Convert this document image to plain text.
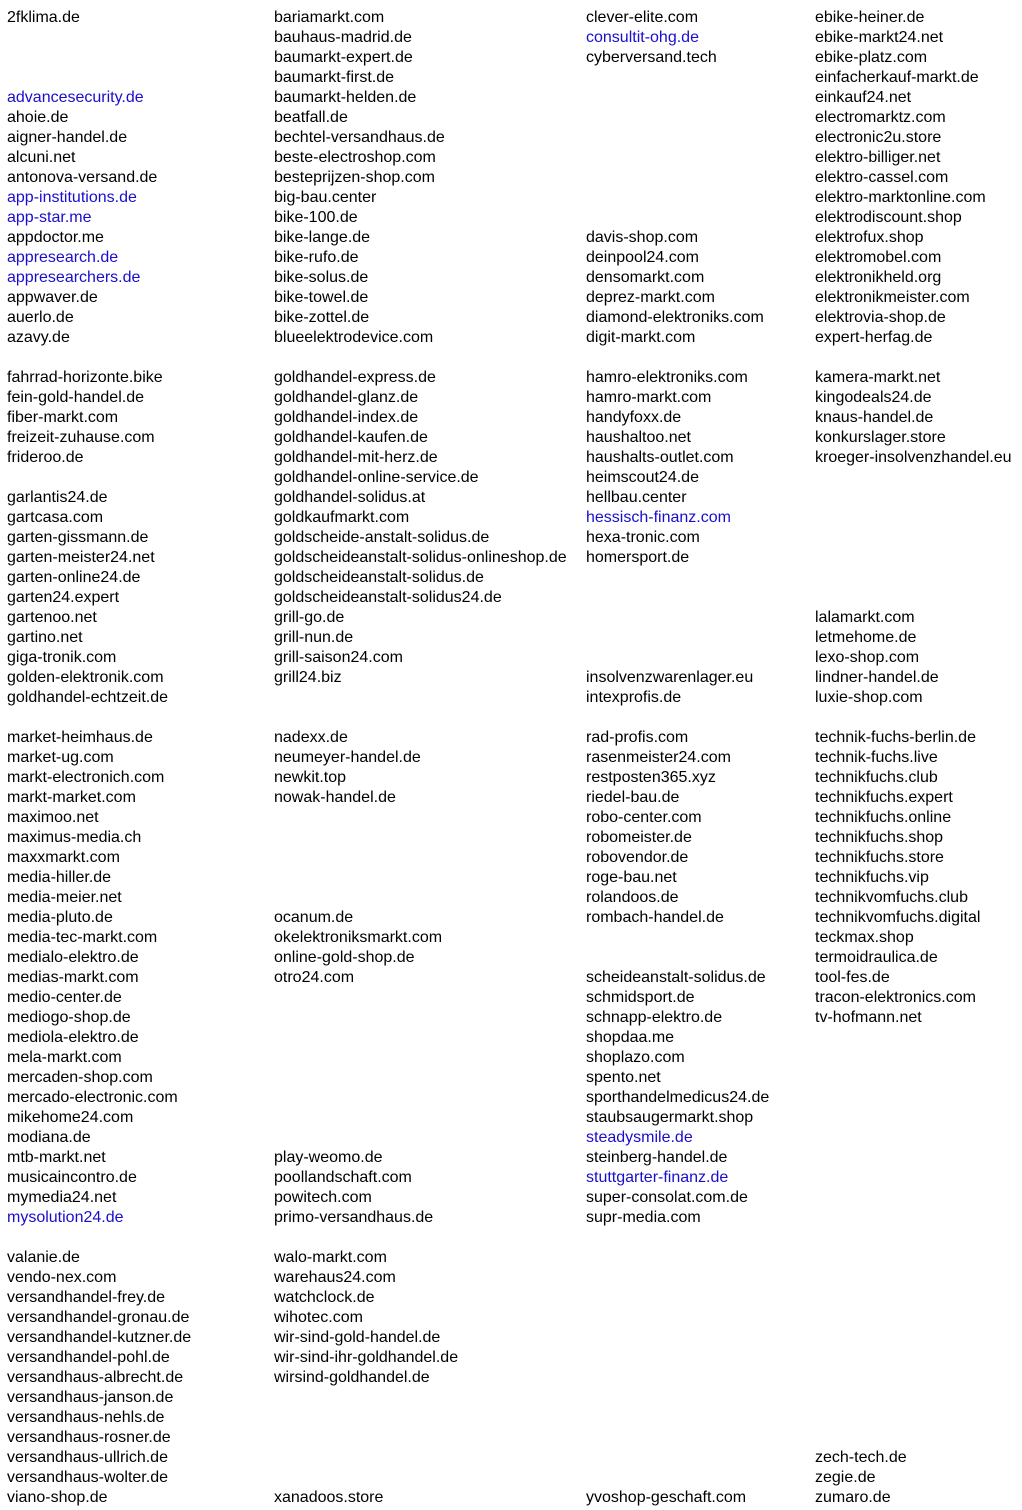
2fklima.de
advancesecurity.de
ahoie.de
aigner-handel.de
alcuni.net
antonova-versand.de
app-institutions.de
app-star.me
appdoctor.me
appresearch.de
appresearchers.de
appwaver.de
auerlo.de
azavy.de
bariamarkt.com
bauhaus-madrid.de
baumarkt-expert.de
baumarkt-first.de
baumarkt-helden.de
beatfall.de
bechtel-versandhaus.de
beste-electroshop.com
besteprijzen-shop.com
big-bau.center
bike-100.de
bike-lange.de
bike-rufo.de
bike-solus.de
bike-towel.de
bike-zottel.de
blueelektrodevice.com
clever-elite.com
consultit-ohg.de
cyberversand.tech
davis-shop.com
deinpool24.com
densomarkt.com
deprez-markt.com
diamond-elektroniks.com
digit-markt.com
ebike-heiner.de
ebike-markt24.net
ebike-platz.com
einfacherkauf-markt.de
einkauf24.net
electromarktz.com
electronic2u.store
elektro-billiger.net
elektro-cassel.com
elektro-marktonline.com
elektrodiscount.shop
elektrofux.shop
elektromobel.com
elektronikheld.org
elektronikmeister.com
elektrovia-shop.de
expert-herfag.de
fahrrad-horizonte.bike
fein-gold-handel.de
fiber-markt.com
freizeit-zuhause.com
frideroo.de
garlantis24.de
gartcasa.com
garten-gissmann.de
garten-meister24.net
garten-online24.de
garten24.expert
gartenoo.net
gartino.net
giga-tronik.com
golden-elektronik.com
goldhandel-echtzeit.de
goldhandel-express.de
goldhandel-glanz.de
goldhandel-index.de
goldhandel-kaufen.de
goldhandel-mit-herz.de
goldhandel-online-service.de
goldhandel-solidus.at
goldkaufmarkt.com
goldscheide-anstalt-solidus.de
goldscheideanstalt-solidus-onlineshop.de
goldscheideanstalt-solidus.de
goldscheideanstalt-solidus24.de
grill-go.de
grill-nun.de
grill-saison24.com
grill24.biz
hamro-elektroniks.com
hamro-markt.com
handyfoxx.de
haushaltoo.net
haushalts-outlet.com
heimscout24.de
hellbau.center
hessisch-finanz.com
hexa-tronic.com
homersport.de
insolvenzwarenlager.eu
intexprofis.de
kamera-markt.net
kingodeals24.de
knaus-handel.de
konkurslager.store
kroeger-insolvenzhandel.eu
lalamarkt.com
letmehome.de
lexo-shop.com
lindner-handel.de
luxie-shop.com
market-heimhaus.de
market-ug.com
markt-electronich.com
markt-market.com
maximoo.net
maximus-media.ch
maxxmarkt.com
media-hiller.de
media-meier.net
media-pluto.de
media-tec-markt.com
medialo-elektro.de
medias-markt.com
medio-center.de
mediogo-shop.de
mediola-elektro.de
mela-markt.com
mercaden-shop.com
mercado-electronic.com
mikehome24.com
modiana.de
mtb-markt.net
musicaincontro.de
mymedia24.net
mysolution24.de
nadexx.de
neumeyer-handel.de
newkit.top
nowak-handel.de
ocanum.de
okelektroniksmarkt.com
online-gold-shop.de
otro24.com
play-weomo.de
poollandschaft.com
powitech.com
primo-versandhaus.de
rad-profis.com
rasenmeister24.com
restposten365.xyz
riedel-bau.de
robo-center.com
robomeister.de
robovendor.de
roge-bau.net
rolandoos.de
rombach-handel.de
scheideanstalt-solidus.de
schmidsport.de
schnapp-elektro.de
shopdaa.me
shoplazo.com
spento.net
sporthandelmedicus24.de
staubsaugermarkt.shop
steadysmile.de
steinberg-handel.de
stuttgarter-finanz.de
super-consolat.com.de
supr-media.com
technik-fuchs-berlin.de
technik-fuchs.live
technikfuchs.club
technikfuchs.expert
technikfuchs.online
technikfuchs.shop
technikfuchs.store
technikfuchs.vip
technikvomfuchs.club
technikvomfuchs.digital
teckmax.shop
termoidraulica.de
tool-fes.de
tracon-elektronics.com
tv-hofmann.net
valanie.de
vendo-nex.com
versandhandel-frey.de
versandhandel-gronau.de
versandhandel-kutzner.de
versandhandel-pohl.de
versandhaus-albrecht.de
versandhaus-janson.de
versandhaus-nehls.de
versandhaus-rosner.de
versandhaus-ullrich.de
versandhaus-wolter.de
viano-shop.de
walo-markt.com
warehaus24.com
watchclock.de
wihotec.com
wir-sind-gold-handel.de
wir-sind-ihr-goldhandel.de
wirsind-goldhandel.de
xanadoos.store	yvoshop-geschaft.com
zech-tech.de
zegie.de
zumaro.de
